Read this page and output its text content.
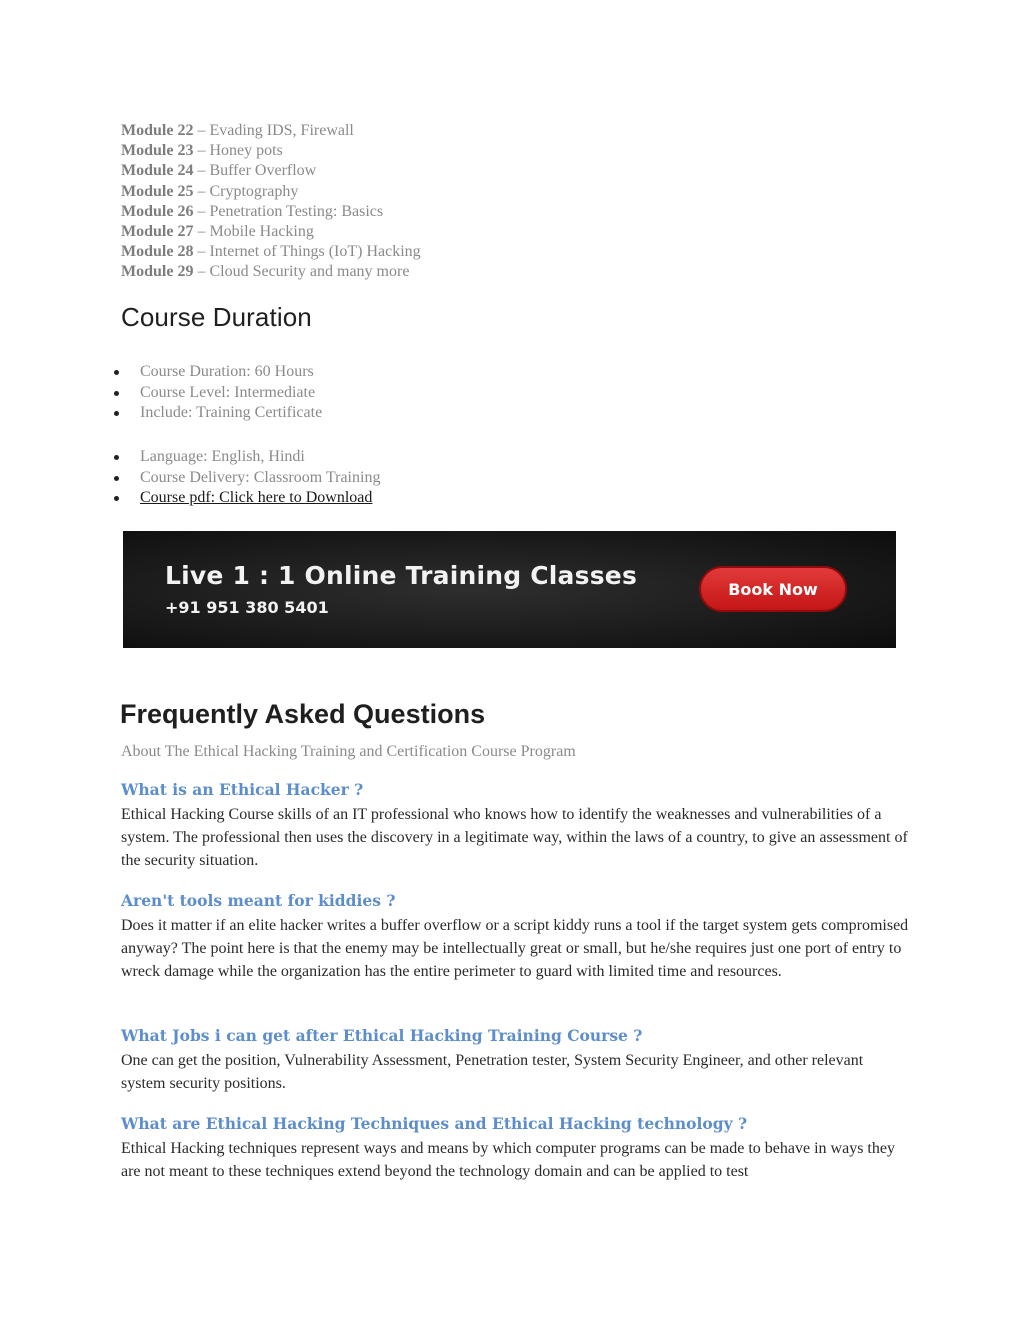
Module 22 – Evading IDS, Firewall
Module 23 – Honey pots
Module 24 – Buffer Overflow
Module 25 – Cryptography
Module 26 – Penetration Testing: Basics
Module 27 – Mobile Hacking
Module 28 – Internet of Things (IoT) Hacking
Module 29 – Cloud Security and many more
Course Duration
Course Duration: 60 Hours
Course Level: Intermediate
Include: Training Certificate
Language: English, Hindi
Course Delivery: Classroom Training
Course pdf: Click here to Download
Live 1 : 1 Online Training Classes
+91 951 380 5401
Book Now
Frequently Asked Questions
About The Ethical Hacking Training and Certification Course Program
What is an Ethical Hacker ?

Ethical Hacking Course skills of an IT professional who knows how to identify the weaknesses and vulnerabilities of a system. The professional then uses the discovery in a legitimate way, within the laws of a country, to give an assessment of the security situation.

Aren't tools meant for kiddies ?

Does it matter if an elite hacker writes a buffer overflow or a script kiddy runs a tool if the target system gets compromised anyway? The point here is that the enemy may be intellectually great or small, but he/she requires just one port of entry to wreck damage while the organization has the entire perimeter to guard with limited time and resources.

What Jobs i can get after Ethical Hacking Training Course ?

One can get the position, Vulnerability Assessment, Penetration tester, System Security Engineer, and other relevant system security positions.

What are Ethical Hacking Techniques and Ethical Hacking technology ?

Ethical Hacking techniques represent ways and means by which computer programs can be made to behave in ways they are not meant to these techniques extend beyond the technology domain and can be applied to test
